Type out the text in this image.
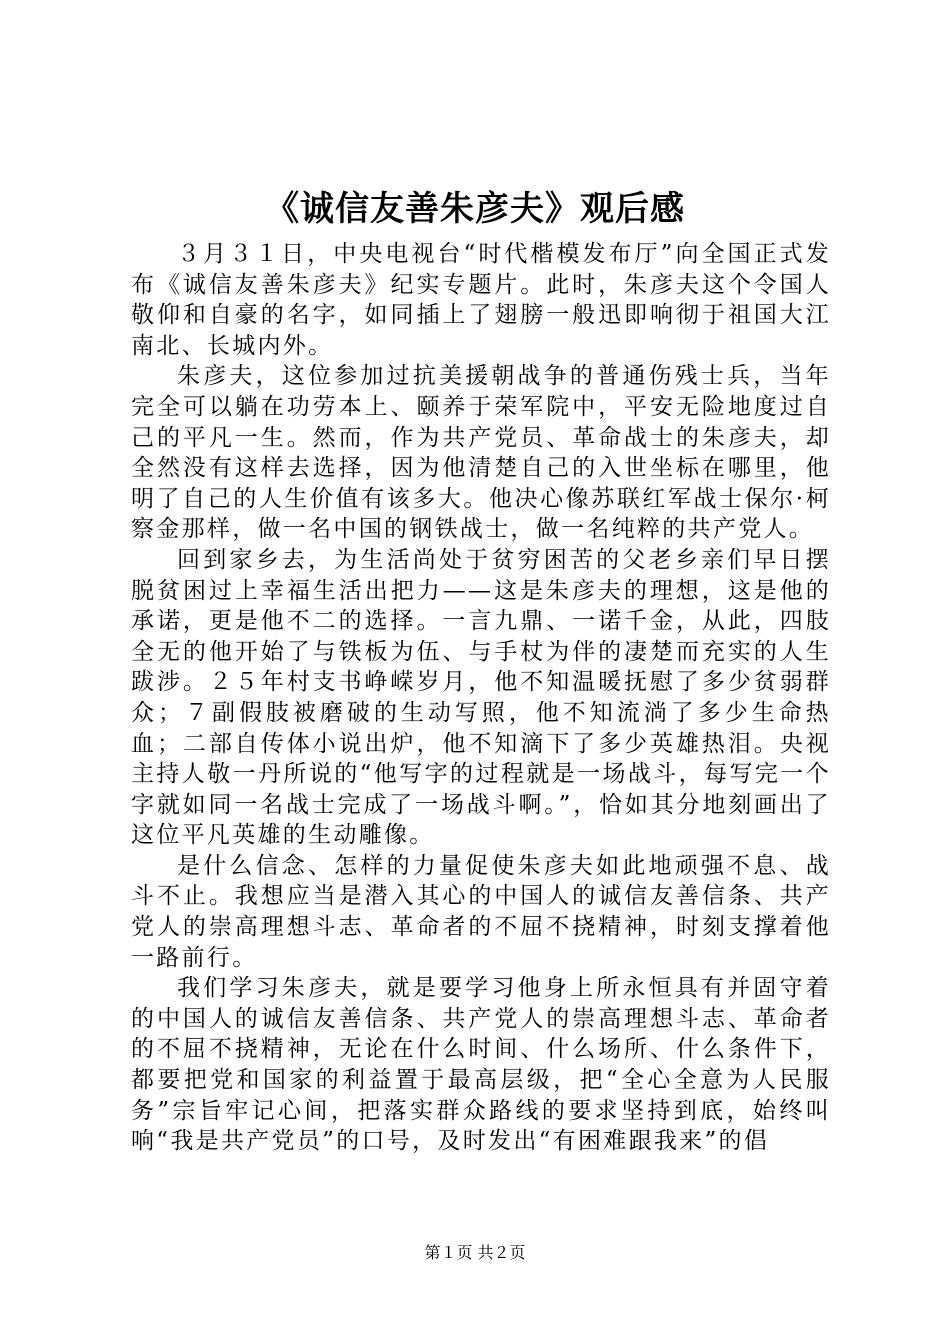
《诚信友善朱彦夫》观后感

３月３１日，中央电视台“时代楷模发布厅”向全国正式发布《诚信友善朱彦夫》纪实专题片。此时，朱彦夫这个令国人敬仰和自豪的名字，如同插上了翅膀一般迅即响彻于祖国大江南北、长城内外。

朱彦夫，这位参加过抗美援朝战争的普通伤残士兵，当年完全可以躺在功劳本上、颐养于荣军院中，平安无险地度过自己的平凡一生。然而，作为共产党员、革命战士的朱彦夫，却全然没有这样去选择，因为他清楚自己的入世坐标在哪里，他明了自己的人生价值有该多大。他决心像苏联红军战士保尔·柯察金那样，做一名中国的钢铁战士，做一名纯粹的共产党人。

回到家乡去，为生活尚处于贫穷困苦的父老乡亲们早日摆脱贫困过上幸福生活出把力——这是朱彦夫的理想，这是他的承诺，更是他不二的选择。一言九鼎、一诺千金，从此，四肢全无的他开始了与铁板为伍、与手杖为伴的凄楚而充实的人生跋涉。２５年村支书峥嵘岁月，他不知温暖抚慰了多少贫弱群众；７副假肢被磨破的生动写照，他不知流淌了多少生命热血；二部自传体小说出炉，他不知滴下了多少英雄热泪。央视主持人敬一丹所说的“他写字的过程就是一场战斗，每写完一个字就如同一名战士完成了一场战斗啊。”，恰如其分地刻画出了这位平凡英雄的生动雕像。

是什么信念、怎样的力量促使朱彦夫如此地顽强不息、战斗不止。我想应当是潜入其心的中国人的诚信友善信条、共产党人的崇高理想斗志、革命者的不屈不挠精神，时刻支撑着他一路前行。

我们学习朱彦夫，就是要学习他身上所永恒具有并固守着的中国人的诚信友善信条、共产党人的崇高理想斗志、革命者的不屈不挠精神，无论在什么时间、什么场所、什么条件下，都要把党和国家的利益置于最高层级，把“全心全意为人民服务”宗旨牢记心间，把落实群众路线的要求坚持到底，始终叫响“我是共产党员”的口号，及时发出“有困难跟我来”的倡

第１页 共２页
